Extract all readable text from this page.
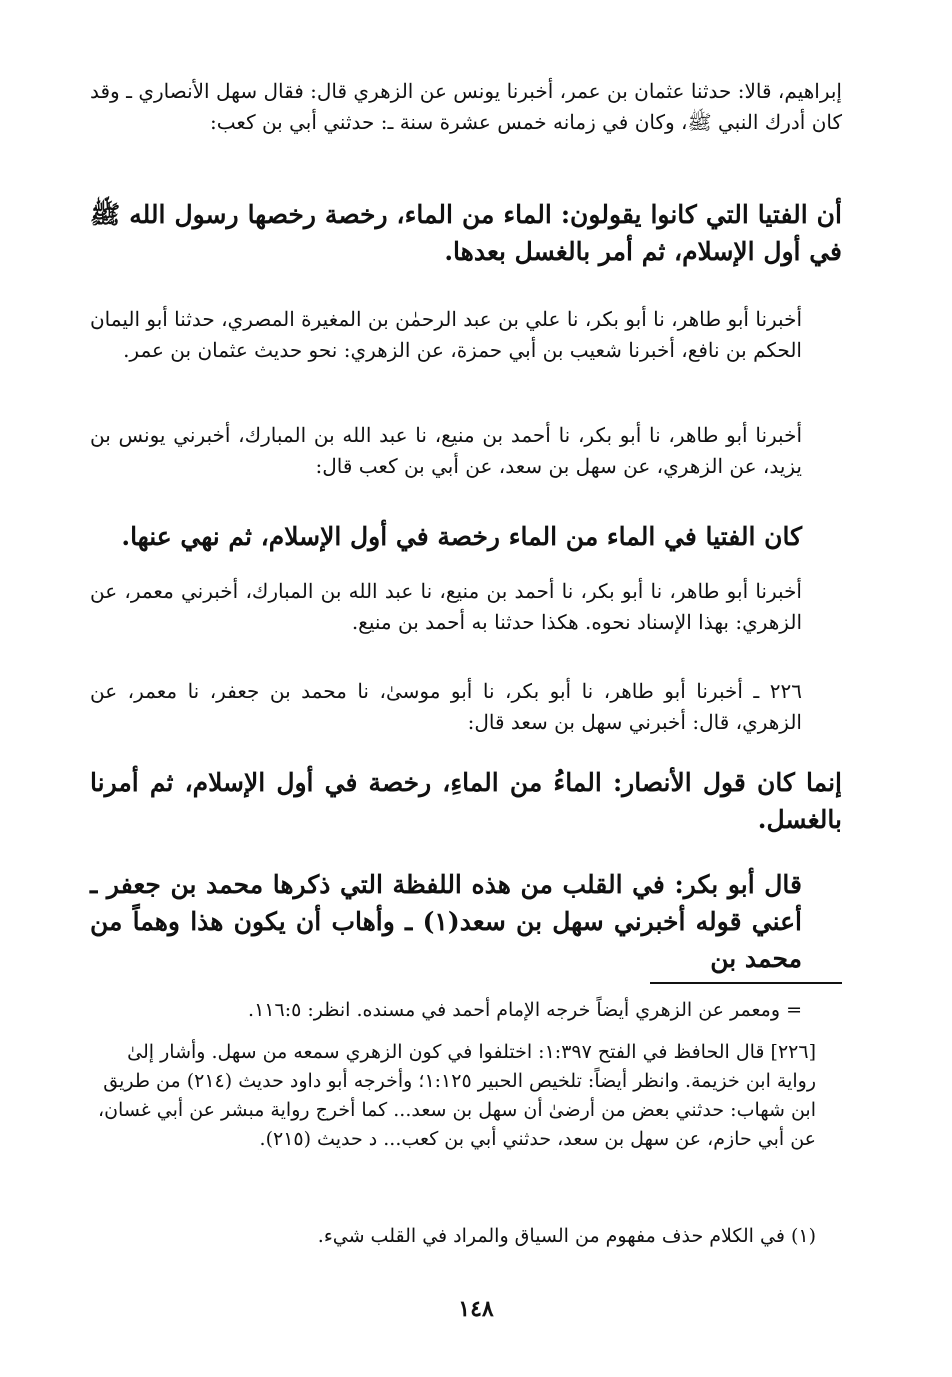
إبراهيم، قالا: حدثنا عثمان بن عمر، أخبرنا يونس عن الزهري قال: فقال سهل الأنصاري ـ وقد كان أدرك النبي ﷺ، وكان في زمانه خمس عشرة سنة ـ: حدثني أبي بن كعب:

أن الفتيا التي كانوا يقولون: الماء من الماء، رخصة رخصها رسول الله ﷺ في أول الإسلام، ثم أمر بالغسل بعدها.

أخبرنا أبو طاهر، نا أبو بكر، نا علي بن عبد الرحمٰن بن المغيرة المصري، حدثنا أبو اليمان الحكم بن نافع، أخبرنا شعيب بن أبي حمزة، عن الزهري: نحو حديث عثمان بن عمر.

أخبرنا أبو طاهر، نا أبو بكر، نا أحمد بن منيع، نا عبد الله بن المبارك، أخبرني يونس بن يزيد، عن الزهري، عن سهل بن سعد، عن أبي بن كعب قال:

كان الفتيا في الماء من الماء رخصة في أول الإسلام، ثم نهي عنها.

أخبرنا أبو طاهر، نا أبو بكر، نا أحمد بن منيع، نا عبد الله بن المبارك، أخبرني معمر، عن الزهري: بهذا الإسناد نحوه. هكذا حدثنا به أحمد بن منيع.

٢٢٦ ـ أخبرنا أبو طاهر، نا أبو بكر، نا أبو موسىٰ، نا محمد بن جعفر، نا معمر، عن الزهري، قال: أخبرني سهل بن سعد قال:

إنما كان قول الأنصار: الماءُ من الماءِ، رخصة في أول الإسلام، ثم أمرنا بالغسل.

قال أبو بكر: في القلب من هذه اللفظة التي ذكرها محمد بن جعفر ـ أعني قوله أخبرني سهل بن سعد(١) ـ وأهاب أن يكون هذا وهماً من محمد بن

= ومعمر عن الزهري أيضاً خرجه الإمام أحمد في مسنده. انظر: ١١٦:٥.

[٢٢٦] قال الحافظ في الفتح ١:٣٩٧: اختلفوا في كون الزهري سمعه من سهل. وأشار إلىٰ رواية ابن خزيمة. وانظر أيضاً: تلخيص الحبير ١:١٢٥؛ وأخرجه أبو داود حديث (٢١٤) من طريق ابن شهاب: حدثني بعض من أرضىٰ أن سهل بن سعد... كما أخرج رواية مبشر عن أبي غسان، عن أبي حازم، عن سهل بن سعد، حدثني أبي بن كعب... د حديث (٢١٥).

(١) في الكلام حذف مفهوم من السياق والمراد في القلب شيء.

١٤٨
